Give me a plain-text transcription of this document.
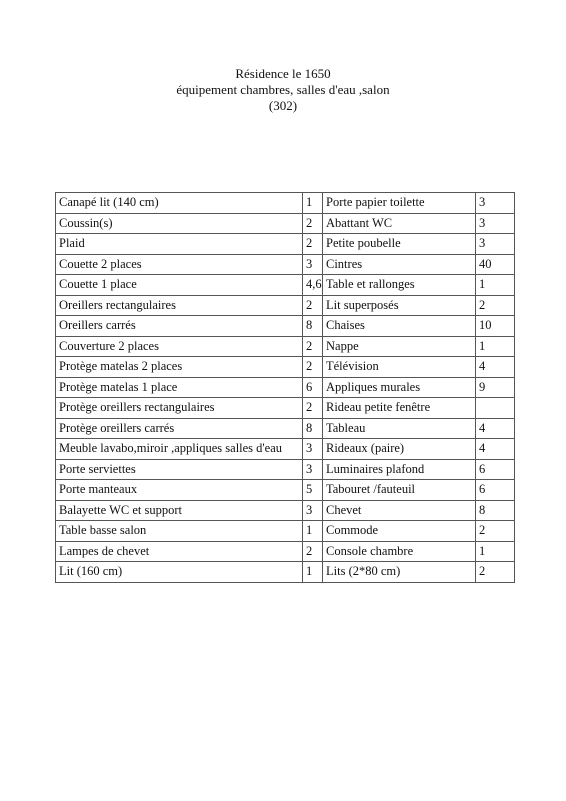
Résidence le 1650
équipement chambres, salles d'eau ,salon
(302)
Canapé lit (140 cm)	1	Porte papier toilette	3
Coussin(s)	2	Abattant WC	3
Plaid	2	Petite poubelle	3
Couette 2 places	3	Cintres	40
Couette 1 place	4,6	Table et rallonges	1
Oreillers rectangulaires	2	Lit superposés	2
Oreillers carrés	8	Chaises	10
Couverture 2 places	2	Nappe	1
Protège matelas 2 places	2	Télévision	4
Protège matelas 1 place	6	Appliques murales	9
Protège oreillers rectangulaires	2	Rideau petite fenêtre	
Protège oreillers carrés	8	Tableau	4
Meuble lavabo,miroir ,appliques salles d'eau	3	Rideaux (paire)	4
Porte serviettes	3	Luminaires plafond	6
Porte manteaux	5	Tabouret /fauteuil	6
Balayette WC et support	3	Chevet	8
Table basse salon	1	Commode	2
Lampes de chevet	2	Console chambre	1
Lit (160 cm)	1	Lits (2*80 cm)	2
